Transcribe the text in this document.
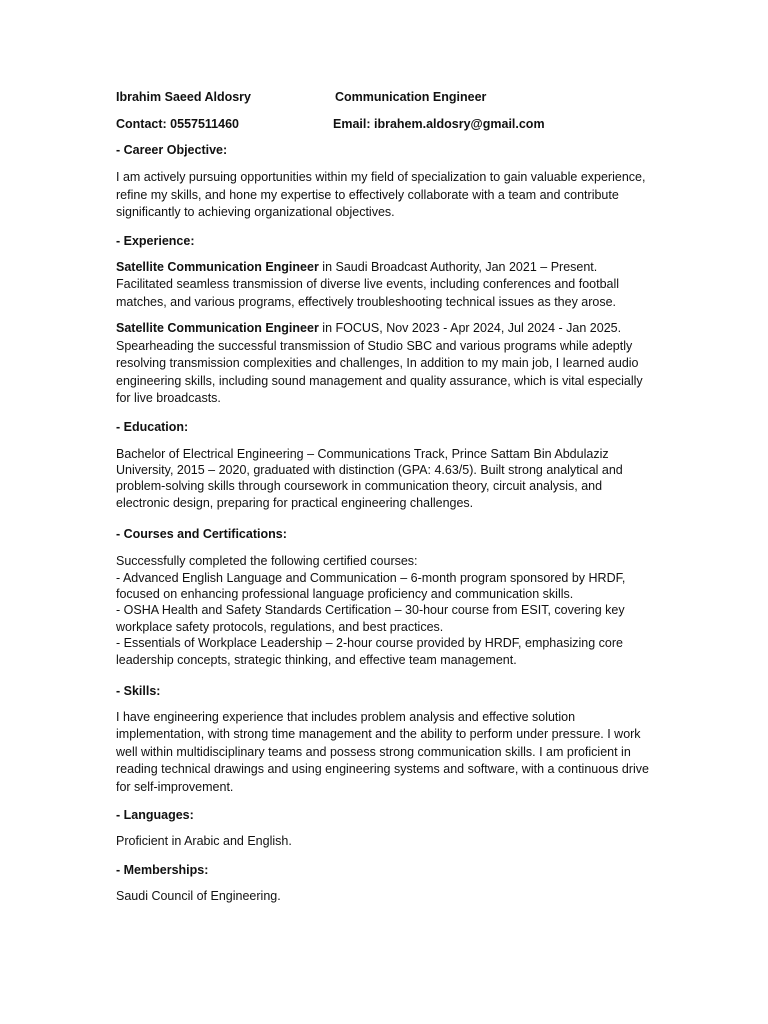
Ibrahim Saeed Aldosry	Communication Engineer
Contact: 0557511460	Email: ibrahem.aldosry@gmail.com
- Career Objective:

I am actively pursuing opportunities within my field of specialization to gain valuable experience, refine my skills, and hone my expertise to effectively collaborate with a team and contribute significantly to achieving organizational objectives.

- Experience:

Satellite Communication Engineer in Saudi Broadcast Authority, Jan 2021 – Present. Facilitated seamless transmission of diverse live events, including conferences and football matches, and various programs, effectively troubleshooting technical issues as they arose.

Satellite Communication Engineer in FOCUS, Nov 2023 - Apr 2024, Jul 2024 - Jan 2025. Spearheading the successful transmission of Studio SBC and various programs while adeptly resolving transmission complexities and challenges, In addition to my main job, I learned audio engineering skills, including sound management and quality assurance, which is vital especially for live broadcasts.

- Education:

Bachelor of Electrical Engineering – Communications Track, Prince Sattam Bin Abdulaziz University, 2015 – 2020, graduated with distinction (GPA: 4.63/5). Built strong analytical and problem-solving skills through coursework in communication theory, circuit analysis, and electronic design, preparing for practical engineering challenges.

- Courses and Certifications:

Successfully completed the following certified courses:

- Advanced English Language and Communication – 6-month program sponsored by HRDF, focused on enhancing professional language proficiency and communication skills.

- OSHA Health and Safety Standards Certification – 30-hour course from ESIT, covering key workplace safety protocols, regulations, and best practices.

- Essentials of Workplace Leadership – 2-hour course provided by HRDF, emphasizing core leadership concepts, strategic thinking, and effective team management.

- Skills:

I have engineering experience that includes problem analysis and effective solution implementation, with strong time management and the ability to perform under pressure. I work well within multidisciplinary teams and possess strong communication skills. I am proficient in reading technical drawings and using engineering systems and software, with a continuous drive for self-improvement.

- Languages:

Proficient in Arabic and English.

- Memberships:

Saudi Council of Engineering.
